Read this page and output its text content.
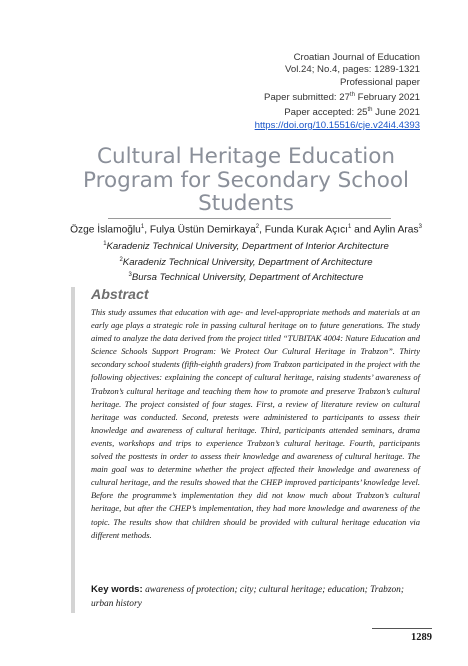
Croatian Journal of Education
Vol.24; No.4, pages: 1289-1321
Professional paper
Paper submitted: 27th February 2021
Paper accepted: 25th June 2021
https://doi.org/10.15516/cje.v24i4.4393
Cultural Heritage Education Program for Secondary School Students
Özge İslamoğlu$^1$, Fulya Üstün Demirkaya$^2$, Funda Kurak Açıcı$^1$ and Aylin Aras$^3$
$^1$Karadeniz Technical University, Department of Interior Architecture
$^2$Karadeniz Technical University, Department of Architecture
$^3$Bursa Technical University, Department of Architecture
Abstract

This study assumes that education with age- and level-appropriate methods and materials at an early age plays a strategic role in passing cultural heritage on to future generations. The study aimed to analyze the data derived from the project titled “TUBITAK 4004: Nature Education and Science Schools Support Program: We Protect Our Cultural Heritage in Trabzon”. Thirty secondary school students (fifth-eighth graders) from Trabzon participated in the project with the following objectives: explaining the concept of cultural heritage, raising students’ awareness of Trabzon’s cultural heritage and teaching them how to promote and preserve Trabzon’s cultural heritage. The project consisted of four stages. First, a review of literature review on cultural heritage was conducted. Second, pretests were administered to participants to assess their knowledge and awareness of cultural heritage. Third, participants attended seminars, drama events, workshops and trips to experience Trabzon’s cultural heritage. Fourth, participants solved the posttests in order to assess their knowledge and awareness of cultural heritage. The main goal was to determine whether the project affected their knowledge and awareness of cultural heritage, and the results showed that the CHEP improved participants’ knowledge level. Before the programme’s implementation they did not know much about Trabzon’s cultural heritage, but after the CHEP’s implementation, they had more knowledge and awareness of the topic. The results show that children should be provided with cultural heritage education via different methods.

Key words: awareness of protection; city; cultural heritage; education; Trabzon; urban history

1289
